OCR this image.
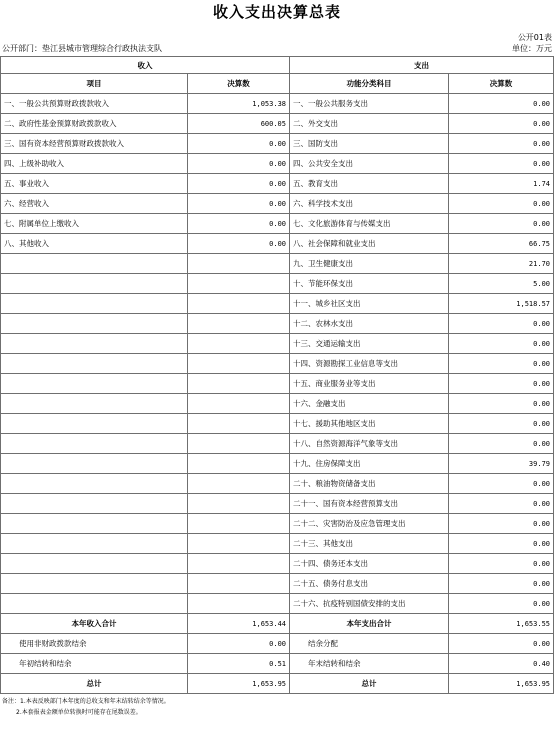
收入支出决算总表
公开01表
公开部门：垫江县城市管理综合行政执法支队	单位：万元
收入		支出	
项目	决算数	功能分类科目	决算数
一、一般公共预算财政拨款收入	1,053.38	一、一般公共服务支出	0.00
二、政府性基金预算财政拨款收入	600.05	二、外交支出	0.00
三、国有资本经营预算财政拨款收入	0.00	三、国防支出	0.00
四、上级补助收入	0.00	四、公共安全支出	0.00
五、事业收入	0.00	五、教育支出	1.74
六、经营收入	0.00	六、科学技术支出	0.00
七、附属单位上缴收入	0.00	七、文化旅游体育与传媒支出	0.00
八、其他收入	0.00	八、社会保障和就业支出	66.75
		九、卫生健康支出	21.70
		十、节能环保支出	5.00
		十一、城乡社区支出	1,518.57
		十二、农林水支出	0.00
		十三、交通运输支出	0.00
		十四、资源勘探工业信息等支出	0.00
		十五、商业服务业等支出	0.00
		十六、金融支出	0.00
		十七、援助其他地区支出	0.00
		十八、自然资源海洋气象等支出	0.00
		十九、住房保障支出	39.79
		二十、粮油物资储备支出	0.00
		二十一、国有资本经营预算支出	0.00
		二十二、灾害防治及应急管理支出	0.00
		二十三、其他支出	0.00
		二十四、债务还本支出	0.00
		二十五、债务付息支出	0.00
		二十六、抗疫特别国债安排的支出	0.00
本年收入合计	1,653.44	本年支出合计	1,653.55
使用非财政拨款结余	0.00	结余分配	0.00
年初结转和结余	0.51	年末结转和结余	0.40
总计	1,653.95	总计	1,653.95
备注：1.本表反映部门本年度的总收支和年末结转结余等情况。
2.本套报表金额单位转换时可能存在尾数误差。
